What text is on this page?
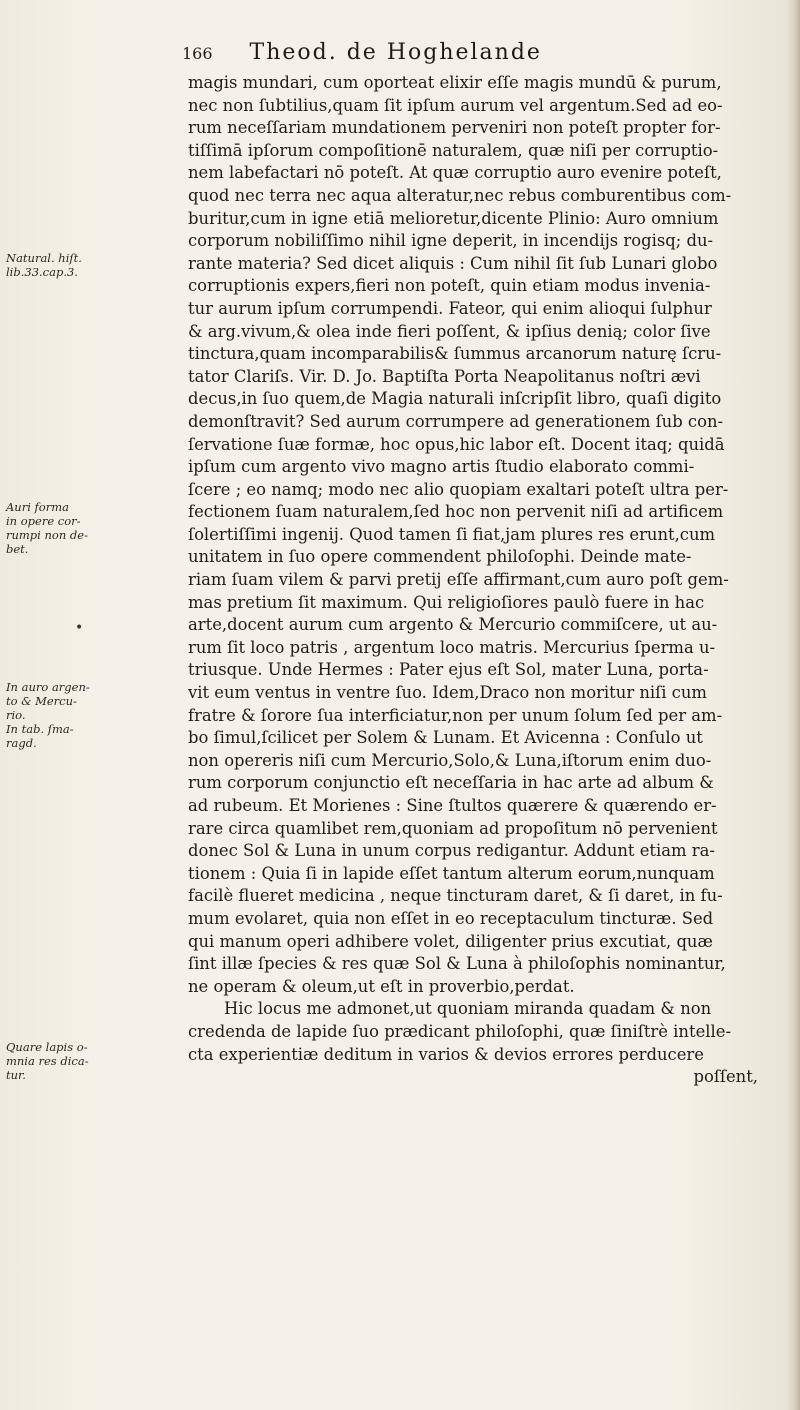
166 Theod. de Hoghelande
magis mundari, cum oporteat elixir eſſe magis mundū & purum,
nec non ſubtilius,quam ſit ipſum aurum vel argentum.Sed ad eo-
rum neceſſariam mundationem perveniri non poteſt propter for-
tiſſimā ipſorum compoſitionē naturalem, quæ niſi per corruptio-
nem labefactari nō poteſt. At quæ corruptio auro evenire poteſt,
quod nec terra nec aqua alteratur,nec rebus comburentibus com-
buritur,cum in igne etiā melioretur,dicente Plinio: Auro omnium
corporum nobiliſſimo nihil igne deperit, in incendijs rogisq; du-
rante materia? Sed dicet aliquis : Cum nihil ſit ſub Lunari globo
corruptionis expers,fieri non poteſt, quin etiam modus invenia-
tur aurum ipſum corrumpendi. Fateor, qui enim alioqui ſulphur
& arg.vivum,& olea inde fieri poſſent, & ipſius denią; color ſive
tinctura,quam incomparabilis& ſummus arcanorum naturę ſcru-
tator Clariſs. Vir. D. Jo. Baptiſta Porta Neapolitanus noſtri ævi
decus,in ſuo quem,de Magia naturali inſcripſit libro, quaſi digito
demonſtravit? Sed aurum corrumpere ad generationem ſub con-
ſervatione ſuæ formæ, hoc opus,hic labor eſt. Docent itaq; quidā
ipſum cum argento vivo magno artis ſtudio elaborato commi-
ſcere ; eo namq; modo nec alio quopiam exaltari poteſt ultra per-
fectionem ſuam naturalem,ſed hoc non pervenit niſi ad artificem
ſolertiſſimi ingenij. Quod tamen ſi fiat,jam plures res erunt,cum
unitatem in ſuo opere commendent philoſophi. Deinde mate-
riam ſuam vilem & parvi pretij eſſe affirmant,cum auro poſt gem-
mas pretium ſit maximum. Qui religioſiores paulò fuere in hac
arte,docent aurum cum argento & Mercurio commiſcere, ut au-
rum ſit loco patris , argentum loco matris. Mercurius ſperma u-
triusque. Unde Hermes : Pater ejus eſt Sol, mater Luna, porta-
vit eum ventus in ventre ſuo. Idem,Draco non moritur niſi cum
fratre & ſorore ſua interficiatur,non per unum ſolum ſed per am-
bo ſimul,ſcilicet per Solem & Lunam. Et Avicenna : Conſulo ut
non opereris niſi cum Mercurio,Solo,& Luna,iſtorum enim duo-
rum corporum conjunctio eſt neceſſaria in hac arte ad album &
ad rubeum. Et Morienes : Sine ſtultos quærere & quærendo er-
rare circa quamlibet rem,quoniam ad propoſitum nō pervenient
donec Sol & Luna in unum corpus redigantur. Addunt etiam ra-
tionem : Quia ſi in lapide eſſet tantum alterum eorum,nunquam
facilè flueret medicina , neque tincturam daret, & ſi daret, in fu-
mum evolaret, quia non eſſet in eo receptaculum tincturæ. Sed
qui manum operi adhibere volet, diligenter prius excutiat, quæ
ſint illæ ſpecies & res quæ Sol & Luna à philoſophis nominantur,
ne operam & oleum,ut eſt in proverbio,perdat.
Hic locus me admonet,ut quoniam miranda quadam & non
credenda de lapide ſuo prædicant philoſophi, quæ ſiniſtrè intelle-
cta experientiæ deditum in varios & devios errores perducere
poſſent,
Natural. hiſt.
lib.33.cap.3.
Auri forma
in opere cor-
rumpi non de-
bet.
In auro argen-
to & Mercu-
rio.
In tab. ſma-
ragd.
Quare lapis o-
mnia res dica-
tur.
•
